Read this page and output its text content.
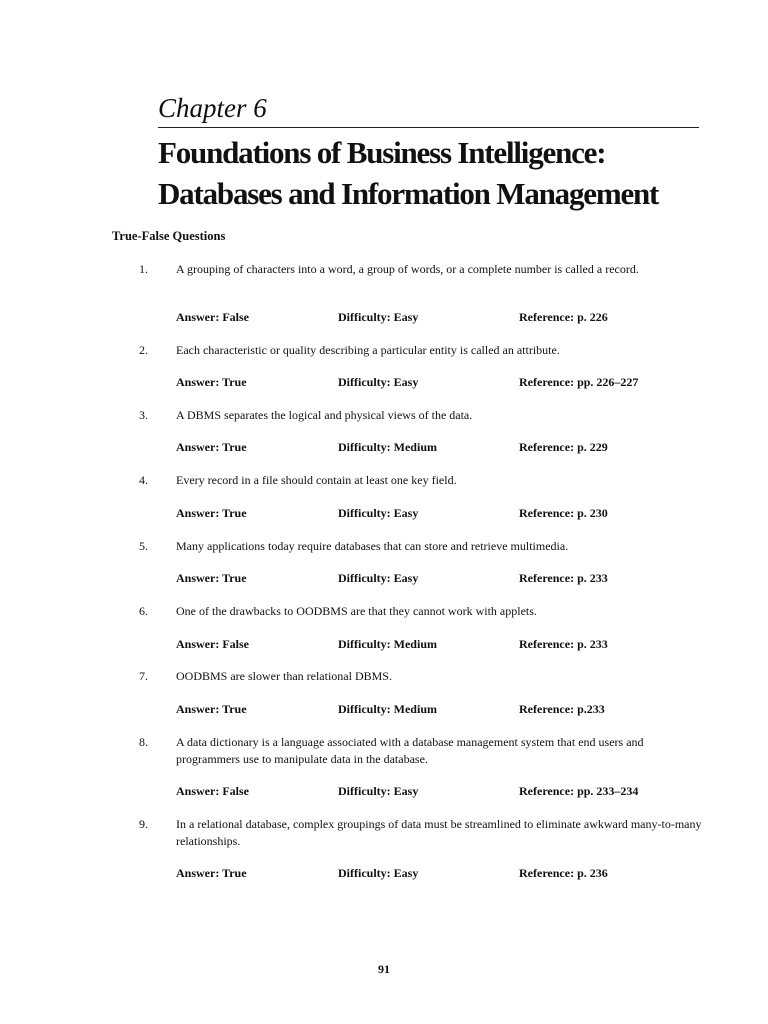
Chapter 6
Foundations of Business Intelligence:
Databases and Information Management
True-False Questions
1. A grouping of characters into a word, a group of words, or a complete number is called a record.
Answer: False	Difficulty: Easy	Reference: p. 226
2. Each characteristic or quality describing a particular entity is called an attribute.
Answer: True	Difficulty: Easy	Reference: pp. 226–227
3. A DBMS separates the logical and physical views of the data.
Answer: True	Difficulty: Medium	Reference: p. 229
4. Every record in a file should contain at least one key field.
Answer: True	Difficulty: Easy	Reference: p. 230
5. Many applications today require databases that can store and retrieve multimedia.
Answer: True	Difficulty: Easy	Reference: p. 233
6. One of the drawbacks to OODBMS are that they cannot work with applets.
Answer: False	Difficulty: Medium	Reference: p. 233
7. OODBMS are slower than relational DBMS.
Answer: True	Difficulty: Medium	Reference: p.233
8. A data dictionary is a language associated with a database management system that end users and programmers use to manipulate data in the database.
Answer: False	Difficulty: Easy	Reference: pp. 233–234
9. In a relational database, complex groupings of data must be streamlined to eliminate awkward many-to-many relationships.
Answer: True	Difficulty: Easy	Reference: p. 236
91
